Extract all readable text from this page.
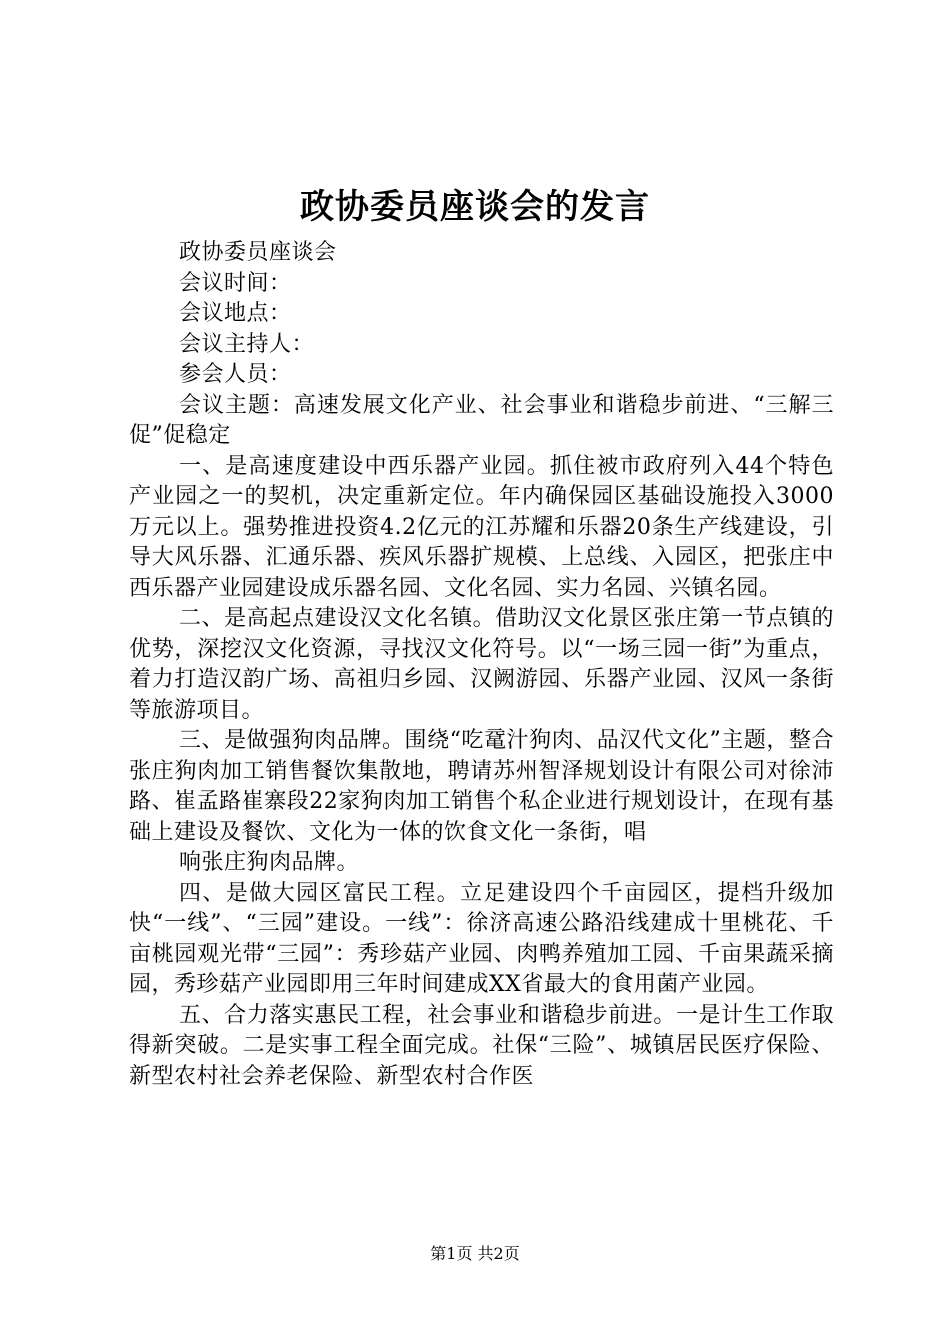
政协委员座谈会的发言

政协委员座谈会

会议时间：

会议地点：

会议主持人：

参会人员：

会议主题：高速发展文化产业、社会事业和谐稳步前进、“三解三促”促稳定

一、是高速度建设中西乐器产业园。抓住被市政府列入44个特色产业园之一的契机，决定重新定位。年内确保园区基础设施投入3000万元以上。强势推进投资4.2亿元的江苏耀和乐器20条生产线建设，引导大风乐器、汇通乐器、疾风乐器扩规模、上总线、入园区，把张庄中西乐器产业园建设成乐器名园、文化名园、实力名园、兴镇名园。

二、是高起点建设汉文化名镇。借助汉文化景区张庄第一节点镇的优势，深挖汉文化资源，寻找汉文化符号。以“一场三园一街”为重点，着力打造汉韵广场、高祖归乡园、汉阙游园、乐器产业园、汉风一条街等旅游项目。

三、是做强狗肉品牌。围绕“吃鼋汁狗肉、品汉代文化”主题，整合张庄狗肉加工销售餐饮集散地，聘请苏州智泽规划设计有限公司对徐沛路、崔孟路崔寨段22家狗肉加工销售个私企业进行规划设计，在现有基础上建设及餐饮、文化为一体的饮食文化一条街，唱

响张庄狗肉品牌。

四、是做大园区富民工程。立足建设四个千亩园区，提档升级加快“一线”、“三园”建设。一线”：徐济高速公路沿线建成十里桃花、千亩桃园观光带“三园”：秀珍菇产业园、肉鸭养殖加工园、千亩果蔬采摘园，秀珍菇产业园即用三年时间建成XX省最大的食用菌产业园。

五、合力落实惠民工程，社会事业和谐稳步前进。一是计生工作取得新突破。二是实事工程全面完成。社保“三险”、城镇居民医疗保险、新型农村社会养老保险、新型农村合作医

第1页 共2页
